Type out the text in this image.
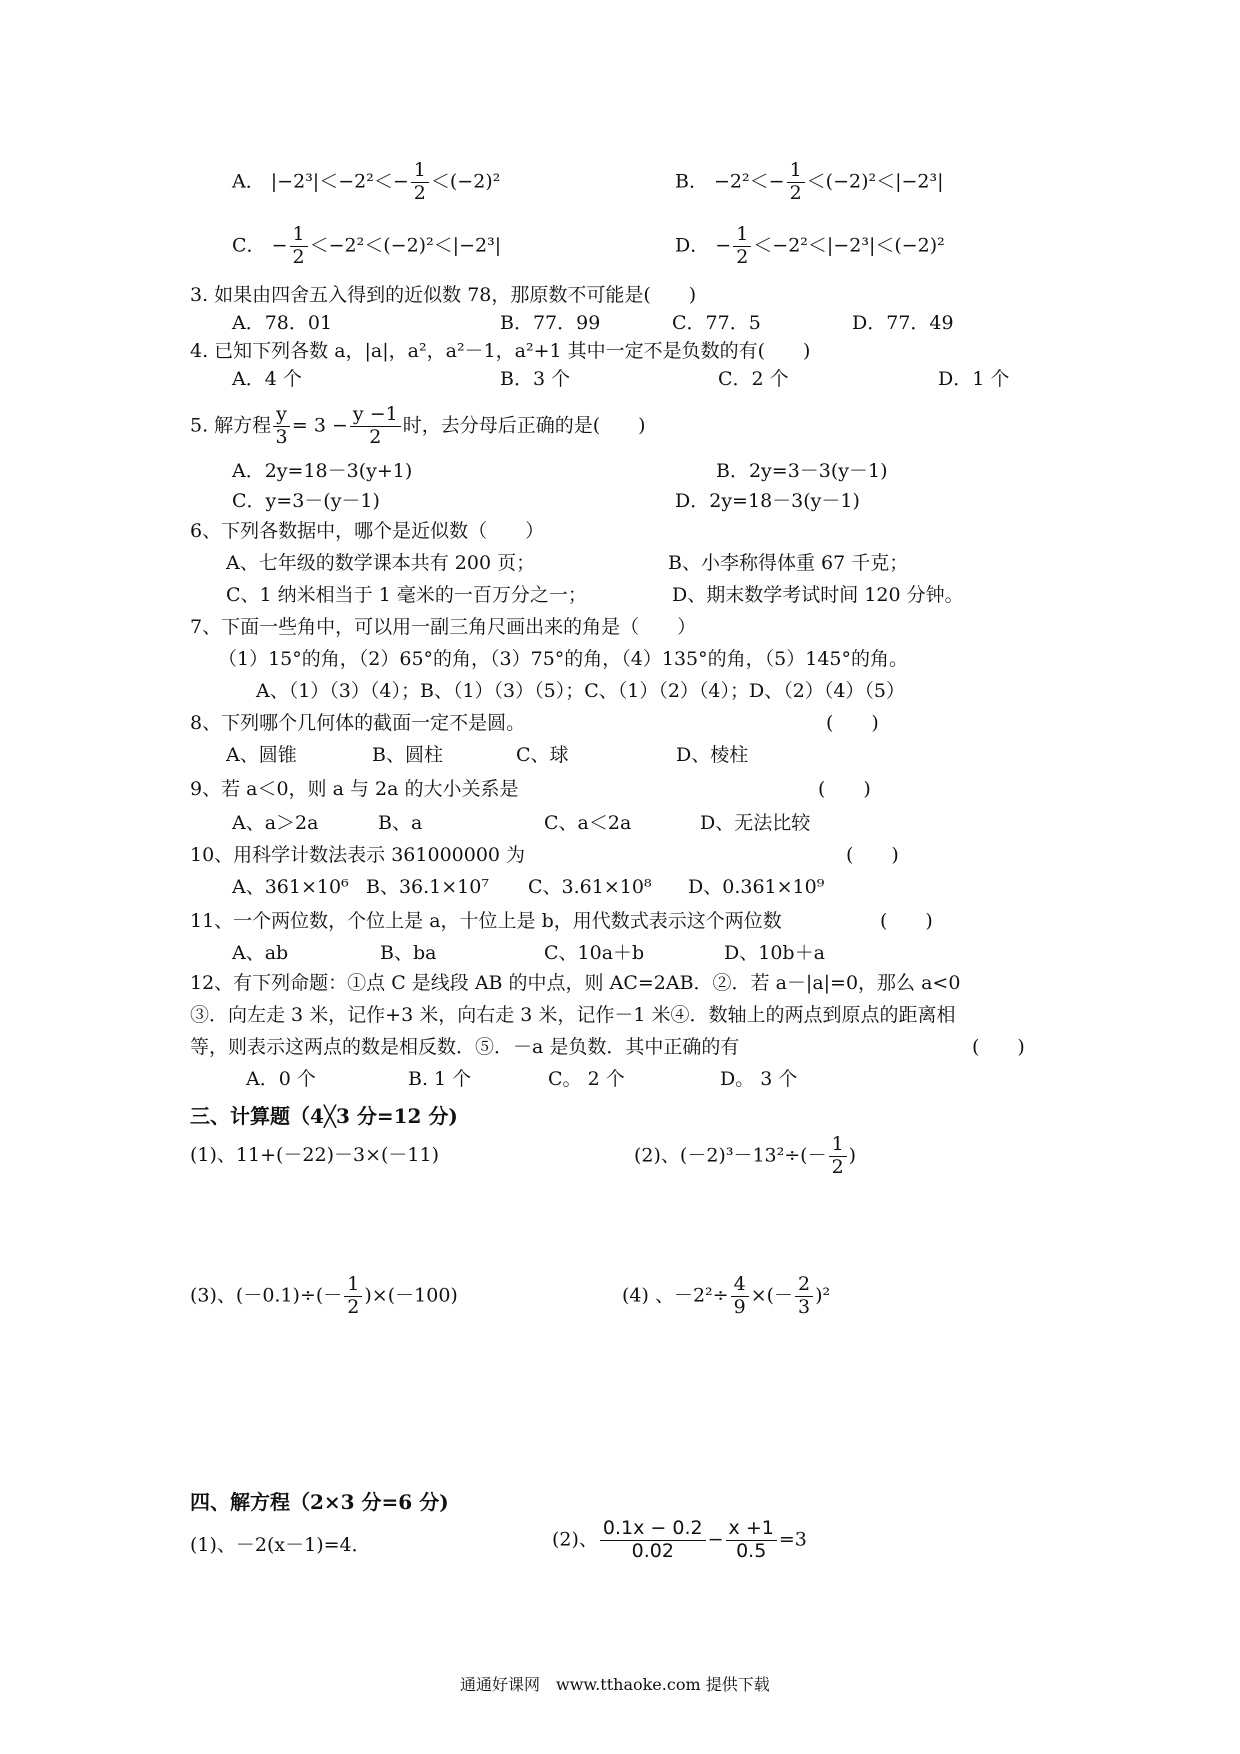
A． $|-2^3|<-2^2<- \frac{1}{2} <(-2)^2$	B． $-2^2<- \frac{1}{2} <(-2)^2<|-2^3|$
C． − $\frac{1}{2} <-2^2<(-2)^2<|-2^3|$	D． − $\frac{1}{2} <-2^2<|-2^3|<(-2)^2$
3. 如果由四舍五入得到的近似数 78，那原数不可能是(　　)
A．78．01	B．77．99	C．77．5	D．77．49
4. 已知下列各数 a，|a|，a²，a²－1，a²+1 其中一定不是负数的有(　　)
A．4 个	B．3 个	C．2 个	D．1 个
5. 解方程 $\frac{y}{3} = 3 - \frac{y -1}{2}$ 时，去分母后正确的是(　　)
A．2y=18－3(y+1)	B．2y=3－3(y－1)
C．y=3－(y－1)	D．2y=18－3(y－1)
6、下列各数据中，哪个是近似数（　　）
A、七年级的数学课本共有 200 页；	B、小李称得体重 67 千克；
C、1 纳米相当于 1 毫米的一百万分之一；	D、期末数学考试时间 120 分钟。
7、下面一些角中，可以用一副三角尺画出来的角是（　　）
（1）15°的角，（2）65°的角，（3）75°的角，（4）135°的角，（5）145°的角。
A、（1）（3）（4）；B、（1）（3）（5）；C、（1）（2）（4）；D、（2）（4）（5）
8、下列哪个几何体的截面一定不是圆。	(　　)
A、圆锥	B、圆柱	C、球	D、棱柱
9、若 a＜0，则 a 与 2a 的大小关系是	(　　)
A、a＞2a	B、a	C、a＜2a	D、无法比较
10、用科学计数法表示 361000000 为	(　　)
A、361×10⁶ B、36.1×10⁷ C、3.61×10⁸ D、0.361×10⁹
11、一个两位数，个位上是 a，十位上是 b，用代数式表示这个两位数	(　　)
A、ab	B、ba	C、10a＋b	D、10b＋a
12、有下列命题：①点 C 是线段 AB 的中点，则 AC=2AB．②．若 a－|a|=0，那么 a<0
③．向左走 3 米，记作+3 米，向右走 3 米，记作－1 米④．数轴上的两点到原点的距离相
等，则表示这两点的数是相反数．⑤．－a 是负数．其中正确的有	(　　)
A．0 个	B. 1 个	C。 2 个	D。 3 个
三、计算题（4╳3 分=12 分)
(1)、11+(－22)－3×(－11)	(2)、$(-2)^3-13^2\div(- \frac{1}{2}$ )
(3)、$(-0.1)\div(- \frac{1}{2} )\times(-100)$	(4) 、$-2^2\div \frac{4}{9}$ ×(－ $\frac{2}{3} )^2$
四、解方程（2×3 分=6 分)
(1)、－2(x－1)=4．	(2)、 $\frac{0.1x - 0.2}{0.02} - \frac{x +1}{0.5} =3$
通通好课网　www.tthaoke.com 提供下载
